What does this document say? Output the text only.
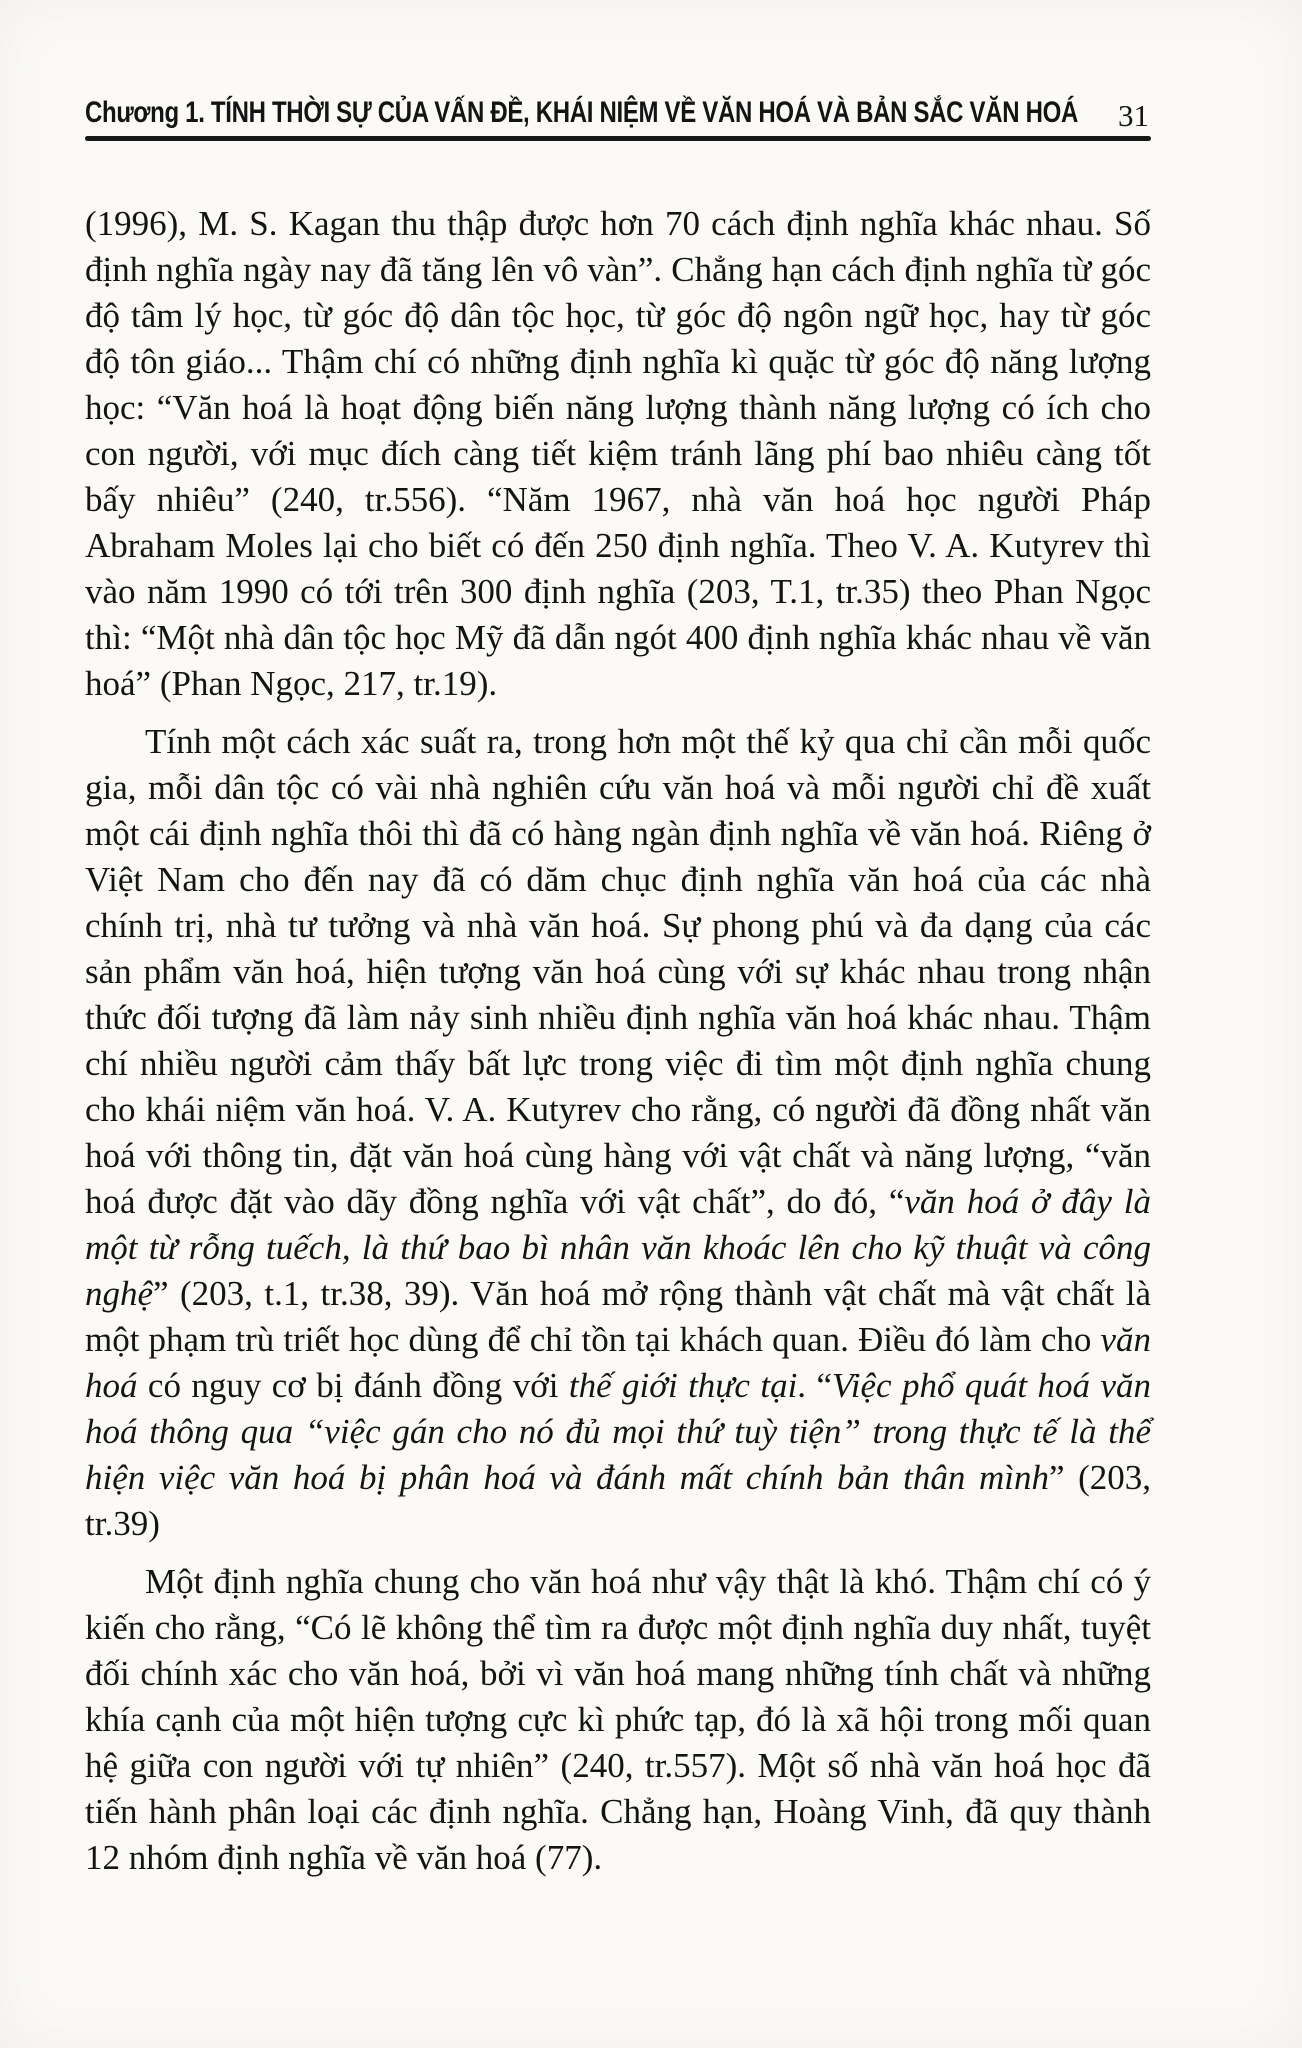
Chương 1. TÍNH THỜI SỰ CỦA VẤN ĐỀ, KHÁI NIỆM VỀ VĂN HOÁ VÀ BẢN SẮC VĂN HOÁ 31

(1996), M. S. Kagan thu thập được hơn 70 cách định nghĩa khác nhau. Số định nghĩa ngày nay đã tăng lên vô vàn”. Chẳng hạn cách định nghĩa từ góc độ tâm lý học, từ góc độ dân tộc học, từ góc độ ngôn ngữ học, hay từ góc độ tôn giáo... Thậm chí có những định nghĩa kì quặc từ góc độ năng lượng học: “Văn hoá là hoạt động biến năng lượng thành năng lượng có ích cho con người, với mục đích càng tiết kiệm tránh lãng phí bao nhiêu càng tốt bấy nhiêu” (240, tr.556). “Năm 1967, nhà văn hoá học người Pháp Abraham Moles lại cho biết có đến 250 định nghĩa. Theo V. A. Kutyrev thì vào năm 1990 có tới trên 300 định nghĩa (203, T.1, tr.35) theo Phan Ngọc thì: “Một nhà dân tộc học Mỹ đã dẫn ngót 400 định nghĩa khác nhau về văn hoá” (Phan Ngọc, 217, tr.19).

Tính một cách xác suất ra, trong hơn một thế kỷ qua chỉ cần mỗi quốc gia, mỗi dân tộc có vài nhà nghiên cứu văn hoá và mỗi người chỉ đề xuất một cái định nghĩa thôi thì đã có hàng ngàn định nghĩa về văn hoá. Riêng ở Việt Nam cho đến nay đã có dăm chục định nghĩa văn hoá của các nhà chính trị, nhà tư tưởng và nhà văn hoá. Sự phong phú và đa dạng của các sản phẩm văn hoá, hiện tượng văn hoá cùng với sự khác nhau trong nhận thức đối tượng đã làm nảy sinh nhiều định nghĩa văn hoá khác nhau. Thậm chí nhiều người cảm thấy bất lực trong việc đi tìm một định nghĩa chung cho khái niệm văn hoá. V. A. Kutyrev cho rằng, có người đã đồng nhất văn hoá với thông tin, đặt văn hoá cùng hàng với vật chất và năng lượng, “văn hoá được đặt vào dãy đồng nghĩa với vật chất”, do đó, “văn hoá ở đây là một từ rỗng tuếch, là thứ bao bì nhân văn khoác lên cho kỹ thuật và công nghệ” (203, t.1, tr.38, 39). Văn hoá mở rộng thành vật chất mà vật chất là một phạm trù triết học dùng để chỉ tồn tại khách quan. Điều đó làm cho văn hoá có nguy cơ bị đánh đồng với thế giới thực tại. “Việc phổ quát hoá văn hoá thông qua “việc gán cho nó đủ mọi thứ tuỳ tiện” trong thực tế là thể hiện việc văn hoá bị phân hoá và đánh mất chính bản thân mình” (203, tr.39)

Một định nghĩa chung cho văn hoá như vậy thật là khó. Thậm chí có ý kiến cho rằng, “Có lẽ không thể tìm ra được một định nghĩa duy nhất, tuyệt đối chính xác cho văn hoá, bởi vì văn hoá mang những tính chất và những khía cạnh của một hiện tượng cực kì phức tạp, đó là xã hội trong mối quan hệ giữa con người với tự nhiên” (240, tr.557). Một số nhà văn hoá học đã tiến hành phân loại các định nghĩa. Chẳng hạn, Hoàng Vinh, đã quy thành 12 nhóm định nghĩa về văn hoá (77).
